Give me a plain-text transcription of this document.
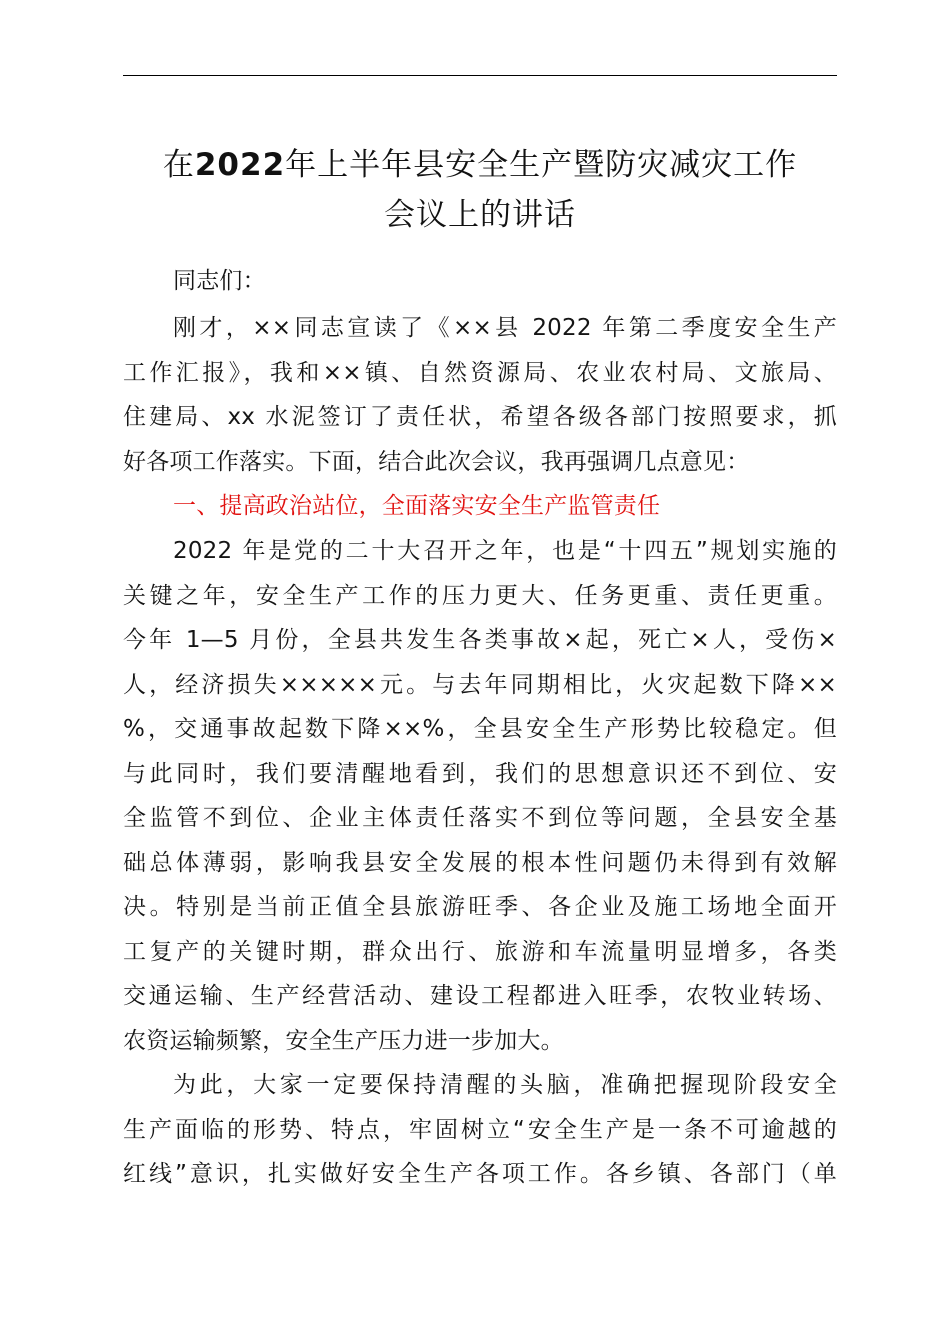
在2022年上半年县安全生产暨防灾减灾工作
会议上的讲话
同志们：
刚才，××同志宣读了《××县 2022 年第二季度安全生产
工作汇报》，我和××镇、自然资源局、农业农村局、文旅局、
住建局、xx 水泥签订了责任状，希望各级各部门按照要求，抓
好各项工作落实。下面，结合此次会议，我再强调几点意见：
一、提高政治站位，全面落实安全生产监管责任
2022 年是党的二十大召开之年，也是“十四五”规划实施的
关键之年，安全生产工作的压力更大、任务更重、责任更重。
今年 1—5 月份，全县共发生各类事故×起，死亡×人，受伤×
人，经济损失×××××元。与去年同期相比，火灾起数下降××
%，交通事故起数下降××%，全县安全生产形势比较稳定。但
与此同时，我们要清醒地看到，我们的思想意识还不到位、安
全监管不到位、企业主体责任落实不到位等问题，全县安全基
础总体薄弱，影响我县安全发展的根本性问题仍未得到有效解
决。特别是当前正值全县旅游旺季、各企业及施工场地全面开
工复产的关键时期，群众出行、旅游和车流量明显增多，各类
交通运输、生产经营活动、建设工程都进入旺季，农牧业转场、
农资运输频繁，安全生产压力进一步加大。
为此，大家一定要保持清醒的头脑，准确把握现阶段安全
生产面临的形势、特点，牢固树立“安全生产是一条不可逾越的
红线”意识，扎实做好安全生产各项工作。各乡镇、各部门（单
